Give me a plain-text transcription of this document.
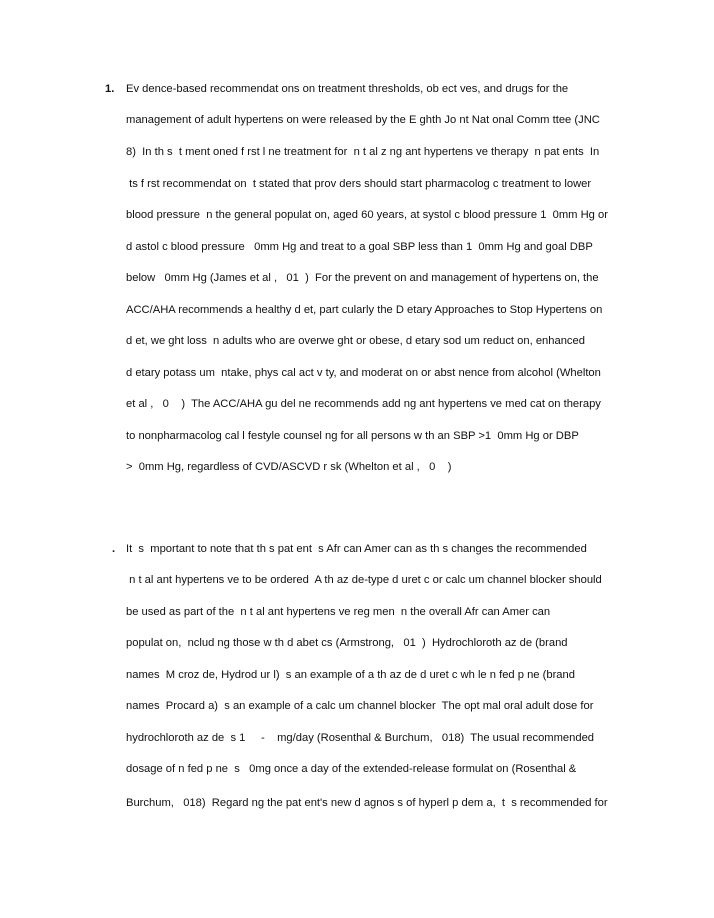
1. Ev dence-based recommendat ons on treatment thresholds, ob ect ves, and drugs for the
management of adult hypertens on were released by the E ghth Jo nt Nat onal Comm ttee (JNC
8)  In th s  t ment oned f rst l ne treatment for  n t al z ng ant hypertens ve therapy  n pat ents  In
ts f rst recommendat on  t stated that prov ders should start pharmacolog c treatment to lower
blood pressure  n the general populat on, aged 60 years, at systol c blood pressure 1  0mm Hg or
d astol c blood pressure   0mm Hg and treat to a goal SBP less than 1  0mm Hg and goal DBP
below   0mm Hg (James et al ,   01  )  For the prevent on and management of hypertens on, the
ACC/AHA recommends a healthy d et, part cularly the D etary Approaches to Stop Hypertens on
d et, we ght loss  n adults who are overwe ght or obese, d etary sod um reduct on, enhanced
d etary potass um  ntake, phys cal act v ty, and moderat on or abst nence from alcohol (Whelton
et al ,   0    )  The ACC/AHA gu del ne recommends add ng ant hypertens ve med cat on therapy
to nonpharmacolog cal l festyle counsel ng for all persons w th an SBP >1  0mm Hg or DBP
>  0mm Hg, regardless of CVD/ASCVD r sk (Whelton et al ,   0    )
. It  s  mportant to note that th s pat ent  s Afr can Amer can as th s changes the recommended
n t al ant hypertens ve to be ordered  A th az de-type d uret c or calc um channel blocker should
be used as part of the  n t al ant hypertens ve reg men  n the overall Afr can Amer can
populat on,  nclud ng those w th d abet cs (Armstrong,   01  )  Hydrochloroth az de (brand
names  M croz de, Hydrod ur l)  s an example of a th az de d uret c wh le n fed p ne (brand
names  Procard a)  s an example of a calc um channel blocker  The opt mal oral adult dose for
hydrochloroth az de  s 1     -    mg/day (Rosenthal & Burchum,   018)  The usual recommended
dosage of n fed p ne  s   0mg once a day of the extended-release formulat on (Rosenthal &
Burchum,   018)  Regard ng the pat ent's new d agnos s of hyperl p dem a,  t  s recommended for
